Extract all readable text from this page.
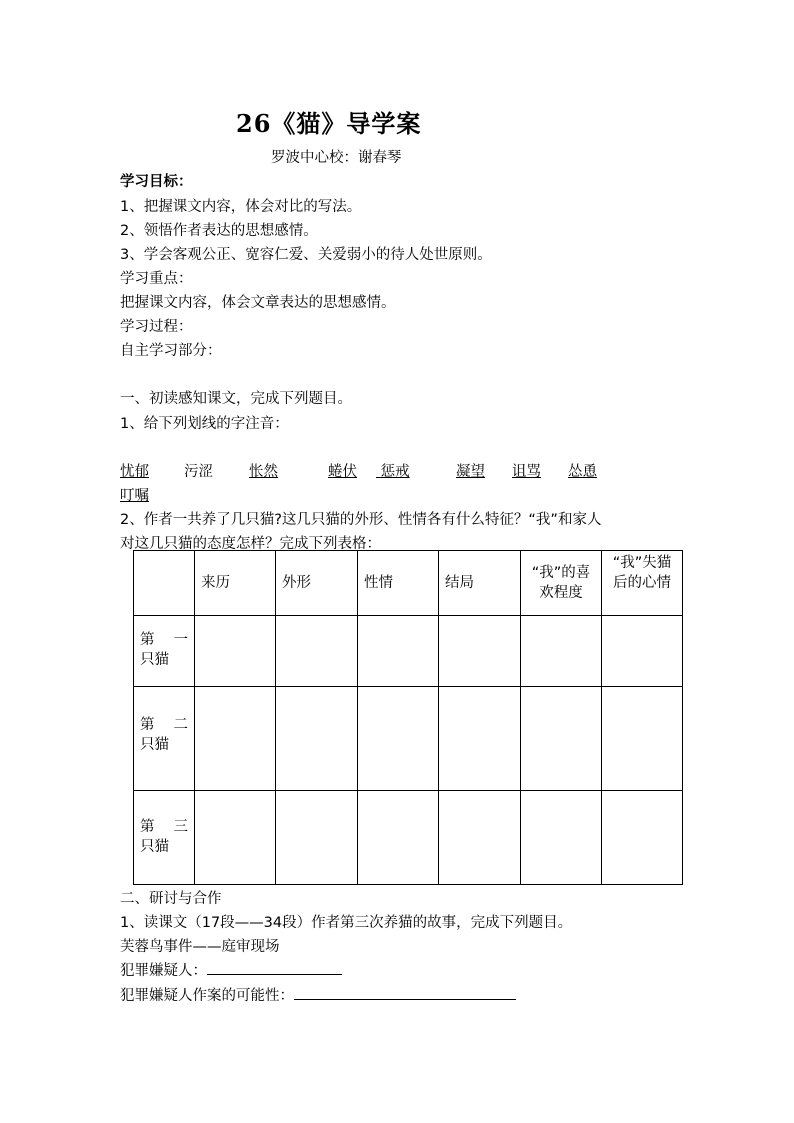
26《猫》导学案
罗波中心校：谢春琴
学习目标：
1、把握课文内容，体会对比的写法。
2、领悟作者表达的思想感情。
3、学会客观公正、宽容仁爱、关爱弱小的待人处世原则。
学习重点：
把握课文内容，体会文章表达的思想感情。
学习过程：
自主学习部分：
一、初读感知课文，完成下列题目。
1、给下列划线的字注音：
忧郁 污涩 怅然	蜷伏	惩戒	凝望 诅骂 怂恿
叮嘱
2、作者一共养了几只猫?这几只猫的外形、性情各有什么特征？“我”和家人
对这几只猫的态度怎样？完成下列表格：
	来历	外形	性情	结局	“我”的喜欢程度	“我”失猫后的心情

第 一
只猫						

第 二
只猫						

第 三
只猫						

二、研讨与合作
1、读课文（17段——34段）作者第三次养猫的故事，完成下列题目。
芙蓉鸟事件——庭审现场
犯罪嫌疑人：
犯罪嫌疑人作案的可能性：
